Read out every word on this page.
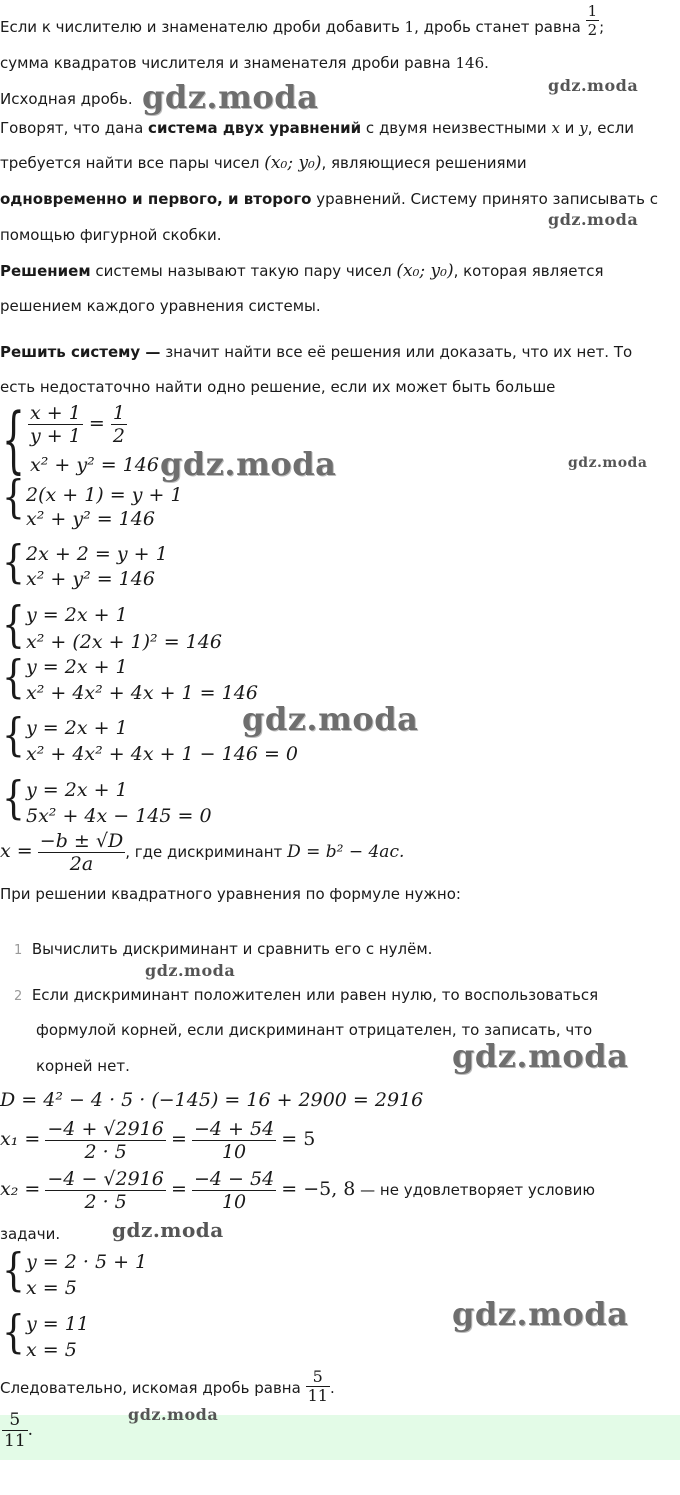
Если к числителю и знаменателю дроби добавить 1, дробь станет равна $\frac{1}{2}$ ;
сумма квадратов числителя и знаменателя дроби равна 146.
Исходная дробь.
Говорят, что дана система двух уравнений с двумя неизвестными x и y, если
требуется найти все пары чисел (x₀; y₀), являющиеся решениями
одновременно и первого, и второго уравнений. Систему принято записывать с
помощью фигурной скобки.
Решением системы называют такую пару чисел (x₀; y₀), которая является
решением каждого уравнения системы.
Решить систему — значит найти все её решения или доказать, что их нет. То
есть недостаточно найти одно решение, если их может быть больше
{ $\frac{x + 1}{y + 1} = \frac{1}{2}$
x² + y² = 146
{ 2(x + 1) = y + 1
x² + y² = 146
{ 2x + 2 = y + 1
x² + y² = 146
{ y = 2x + 1
x² + (2x + 1)² = 146
{ y = 2x + 1
x² + 4x² + 4x + 1 = 146
{ y = 2x + 1
x² + 4x² + 4x + 1 − 146 = 0
{ y = 2x + 1
5x² + 4x − 145 = 0
$x = \frac{-b \pm √D}{2a}$ , где дискриминант D = b² − 4ac.
При решении квадратного уравнения по формуле нужно:
1 Вычислить дискриминант и сравнить его с нулём.
2 Если дискриминант положителен или равен нулю, то воспользоваться
формулой корней, если дискриминант отрицателен, то записать, что
корней нет.
D = 4² − 4 · 5 · (−145) = 16 + 2900 = 2916
$x_1 = \frac{-4 + √2916}{2 \cdot 5} = \frac{-4 + 54}{10} = 5$
$x_2 = \frac{-4 - √2916}{2 \cdot 5} = \frac{-4 - 54}{10} = -5$, 8 — не удовлетворяет условию
задачи.
{ y = 2 · 5 + 1
x = 5
{ y = 11
x = 5
Следовательно, искомая дробь равна $\frac{5}{11}$ .
$\frac{5}{11}$ .
gdz.moda	gdz.moda
gdz.moda
gdz.moda	gdz.moda
gdz.moda
gdz.moda
gdz.moda
gdz.moda
gdz.moda
gdz.moda
